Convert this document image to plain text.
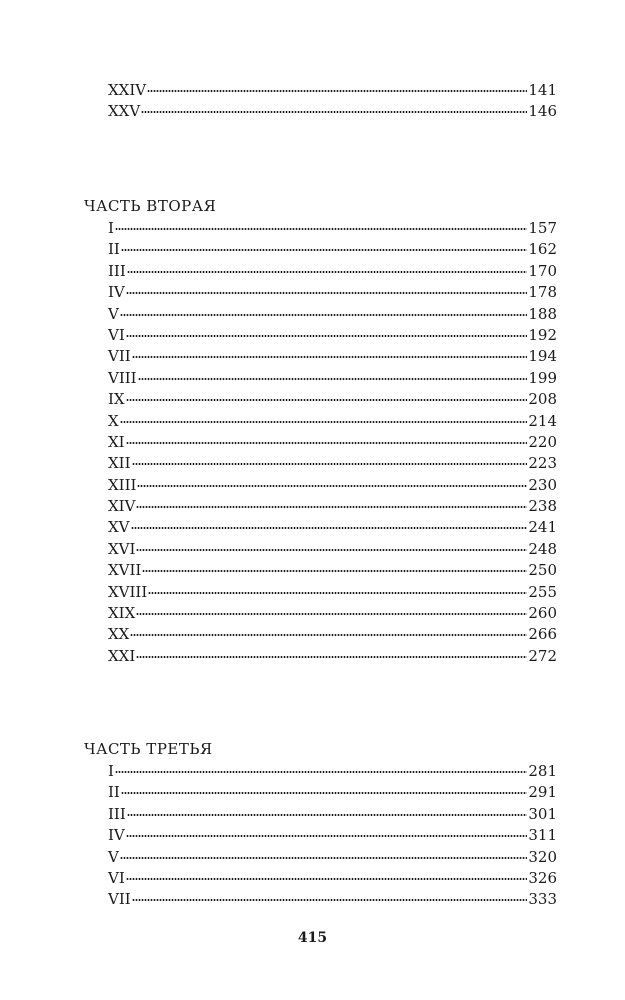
XXIV	141
XXV	146
ЧАСТЬ ВТОРАЯ
I	157
II	162
III	170
IV	178
V	188
VI	192
VII	194
VIII	199
IX	208
X	214
XI	220
XII	223
XIII	230
XIV	238
XV	241
XVI	248
XVII	250
XVIII	255
XIX	260
XX	266
XXI	272
ЧАСТЬ ТРЕТЬЯ
I	281
II	291
III	301
IV	311
V	320
VI	326
VII	333
415
